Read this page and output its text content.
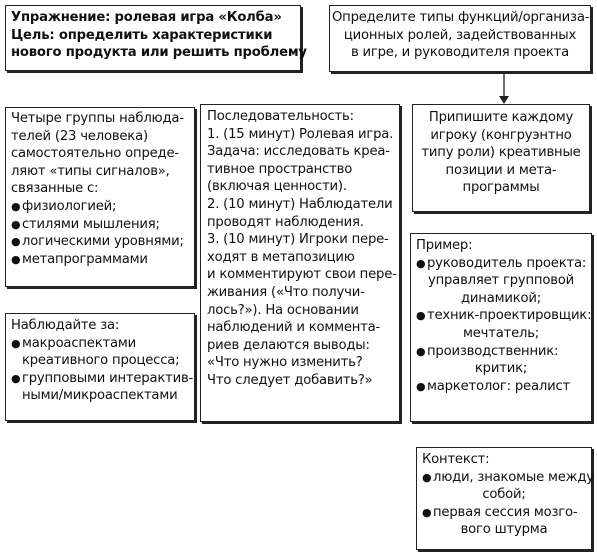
Упражнение: ролевая игра «Колба»
Цель: определить характеристики
нового продукта или решить проблему
Определите типы функций/организа-
ционных ролей, задействованных
в игре, и руководителя проекта
Четыре группы наблюда-
телей (23 человека)
самостоятельно опреде-
ляют «типы сигналов»,
связанные с:
● физиологией;
● стилями мышления;
● логическими уровнями;
● метапрограммами
Последовательность:
1. (15 минут) Ролевая игра.
Задача: исследовать креа-
тивное пространство
(включая ценности).
2. (10 минут) Наблюдатели
проводят наблюдения.
3. (10 минут) Игроки пере-
ходят в метапозицию
и комментируют свои пере-
живания («Что получи-
лось?»). На основании
наблюдений и коммента-
риев делаются выводы:
«Что нужно изменить?
Что следует добавить?»
Припишите каждому
игроку (конгруэнтно
типу роли) креативные
позиции и мета-
программы
Наблюдайте за:
● макроаспектами
креативного процесса;
● групповыми интерактив-
ными/микроаспектами
Пример:
● руководитель проекта:
управляет групповой
динамикой;
● техник-проектировщик:
мечтатель;
● производственник:
критик;
● маркетолог: реалист
Контекст:
● люди, знакомые между
собой;
● первая сессия мозго-
вого штурма
